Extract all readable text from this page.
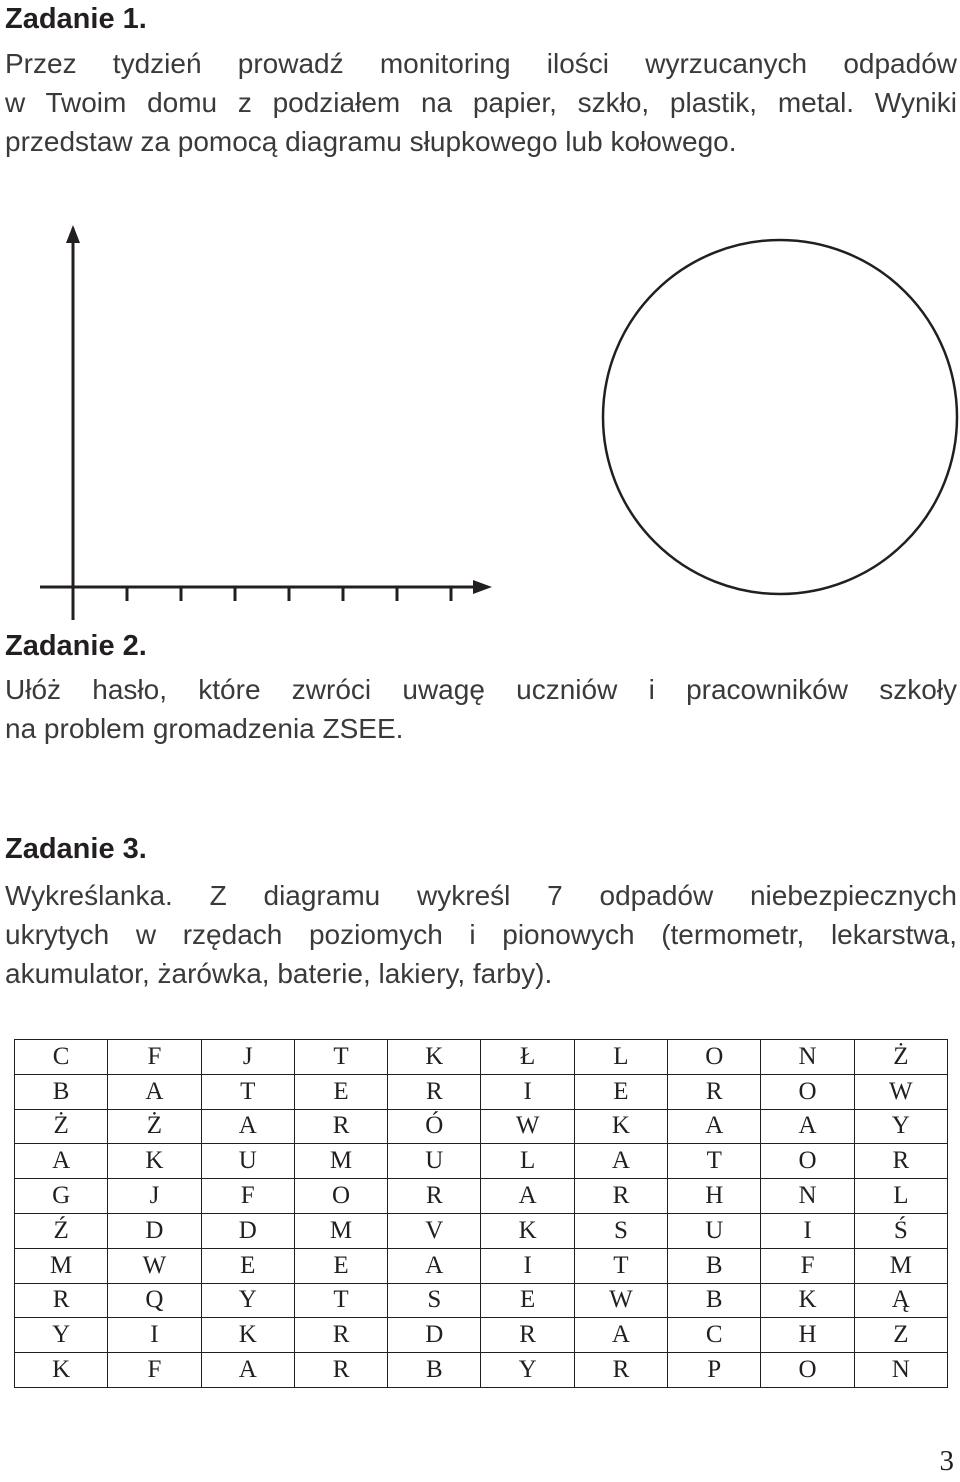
Zadanie 1.

Przez tydzień prowadź monitoring ilości wyrzucanych odpadów
w Twoim domu z podziałem na papier, szkło, plastik, metal. Wyniki
przedstaw za pomocą diagramu słupkowego lub kołowego.

Zadanie 2.

Ułóż hasło, które zwróci uwagę uczniów i pracowników szkoły
na problem gromadzenia ZSEE.

Zadanie 3.

Wykreślanka. Z diagramu wykreśl 7 odpadów niebezpiecznych
ukrytych w rzędach poziomych i pionowych (termometr, lekarstwa,
akumulator, żarówka, baterie, lakiery, farby).
C	F	J	T	K	Ł	L	O	N	Ż
B	A	T	E	R	I	E	R	O	W
Ż	Ż	A	R	Ó	W	K	A	A	Y
A	K	U	M	U	L	A	T	O	R
G	J	F	O	R	A	R	H	N	L
Ź	D	D	M	V	K	S	U	I	Ś
M	W	E	E	A	I	T	B	F	M
R	Q	Y	T	S	E	W	B	K	Ą
Y	I	K	R	D	R	A	C	H	Z
K	F	A	R	B	Y	R	P	O	N

3
